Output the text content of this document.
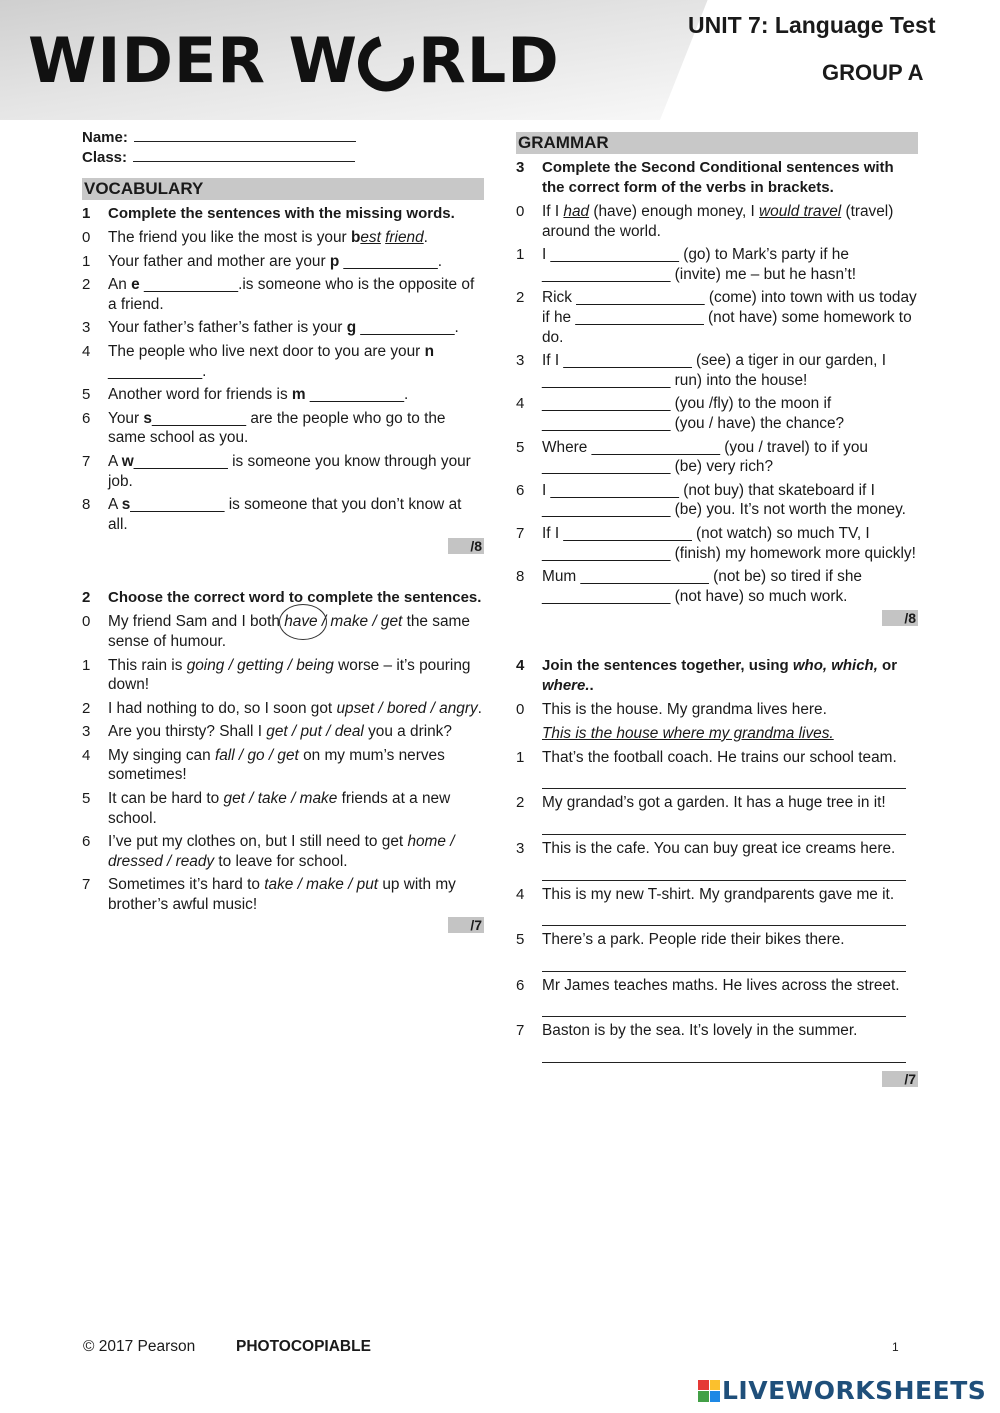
WIDER W RLD	UNIT 7: Language Test
GROUP A
Name:
Class:
VOCABULARY
1	Complete the sentences with the missing words.
0	The friend you like the most is your best friend.
1	Your father and mother are your p ___________.
2	An e ___________.is someone who is the opposite of a friend.
3	Your father’s father’s father is your g ___________.
4	The people who live next door to you are your n ___________.
5	Another word for friends is m ___________.
6	Your s___________ are the people who go to the same school as you.
7	A w___________ is someone you know through your job.
8	A s___________ is someone that you don’t know at all.
/8
2	Choose the correct word to complete the sentences.
0	My friend Sam and I both have / make / get the same sense of humour.
1	This rain is going / getting / being worse – it’s pouring down!
2	I had nothing to do, so I soon got upset / bored / angry.
3	Are you thirsty? Shall I get / put / deal you a drink?
4	My singing can fall / go / get on my mum’s nerves sometimes!
5	It can be hard to get / take / make friends at a new school.
6	I’ve put my clothes on, but I still need to get home / dressed / ready to leave for school.
7	Sometimes it’s hard to take / make / put up with my brother’s awful music!
/7
GRAMMAR
3	Complete the Second Conditional sentences with the correct form of the verbs in brackets.
0	If I had (have) enough money, I would travel (travel) around the world.
1	I _______________ (go) to Mark’s party if he _______________ (invite) me – but he hasn’t!
2	Rick _______________ (come) into town with us today if he _______________ (not have) some homework to do.
3	If I _______________ (see) a tiger in our garden, I _______________ run) into the house!
4	_______________ (you /fly) to the moon if _______________ (you / have) the chance?
5	Where _______________ (you / travel) to if you _______________ (be) very rich?
6	I _______________ (not buy) that skateboard if I _______________ (be) you. It’s not worth the money.
7	If I _______________ (not watch) so much TV, I _______________ (finish) my homework more quickly!
8	Mum _______________ (not be) so tired if she _______________ (not have) so much work.
/8
4	Join the sentences together, using who, which, or where..
0	This is the house. My grandma lives here.
This is the house where my grandma lives.
1	That’s the football coach. He trains our school team.
2	My grandad’s got a garden. It has a huge tree in it!
3	This is the cafe. You can buy great ice creams here.
4	This is my new T-shirt. My grandparents gave me it.
5	There’s a park. People ride their bikes there.
6	Mr James teaches maths. He lives across the street.
7	Baston is by the sea. It’s lovely in the summer.
/7
© 2017 Pearson	PHOTOCOPIABLE	1
LIVEWORKSHEETS
